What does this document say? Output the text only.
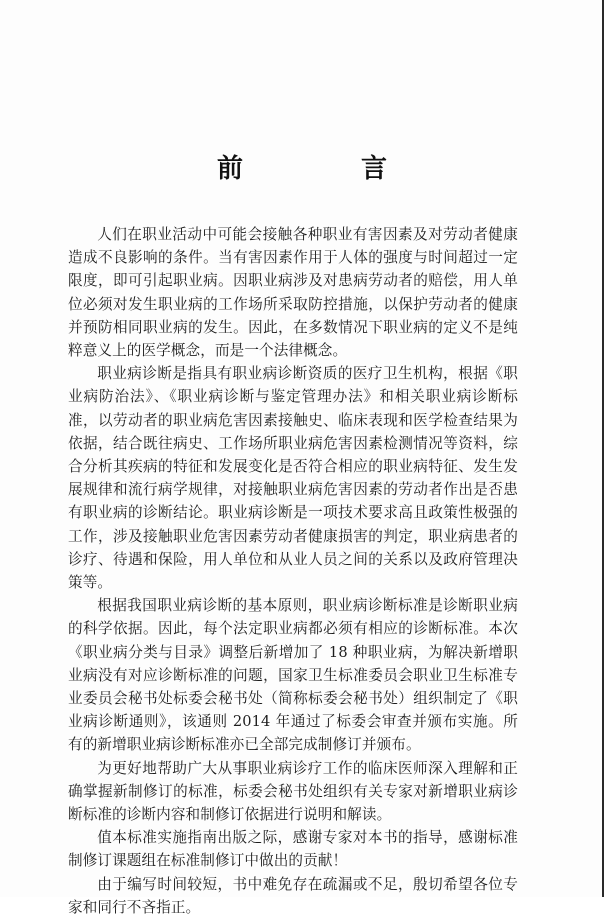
前　言

人们在职业活动中可能会接触各种职业有害因素及对劳动者健康造成不良影响的条件。当有害因素作用于人体的强度与时间超过一定限度，即可引起职业病。因职业病涉及对患病劳动者的赔偿，用人单位必须对发生职业病的工作场所采取防控措施，以保护劳动者的健康并预防相同职业病的发生。因此，在多数情况下职业病的定义不是纯粹意义上的医学概念，而是一个法律概念。

职业病诊断是指具有职业病诊断资质的医疗卫生机构，根据《职业病防治法》、《职业病诊断与鉴定管理办法》和相关职业病诊断标准，以劳动者的职业病危害因素接触史、临床表现和医学检查结果为依据，结合既往病史、工作场所职业病危害因素检测情况等资料，综合分析其疾病的特征和发展变化是否符合相应的职业病特征、发生发展规律和流行病学规律，对接触职业病危害因素的劳动者作出是否患有职业病的诊断结论。职业病诊断是一项技术要求高且政策性极强的工作，涉及接触职业危害因素劳动者健康损害的判定，职业病患者的诊疗、待遇和保险，用人单位和从业人员之间的关系以及政府管理决策等。

根据我国职业病诊断的基本原则，职业病诊断标准是诊断职业病的科学依据。因此，每个法定职业病都必须有相应的诊断标准。本次《职业病分类与目录》调整后新增加了 18 种职业病，为解决新增职业病没有对应诊断标准的问题，国家卫生标准委员会职业卫生标准专业委员会秘书处标委会秘书处（简称标委会秘书处）组织制定了《职业病诊断通则》，该通则 2014 年通过了标委会审查并颁布实施。所有的新增职业病诊断标准亦已全部完成制修订并颁布。

为更好地帮助广大从事职业病诊疗工作的临床医师深入理解和正确掌握新制修订的标准，标委会秘书处组织有关专家对新增职业病诊断标准的诊断内容和制修订依据进行说明和解读。

值本标准实施指南出版之际，感谢专家对本书的指导，感谢标准制修订课题组在标准制修订中做出的贡献！

由于编写时间较短，书中难免存在疏漏或不足，殷切希望各位专家和同行不吝指正。
